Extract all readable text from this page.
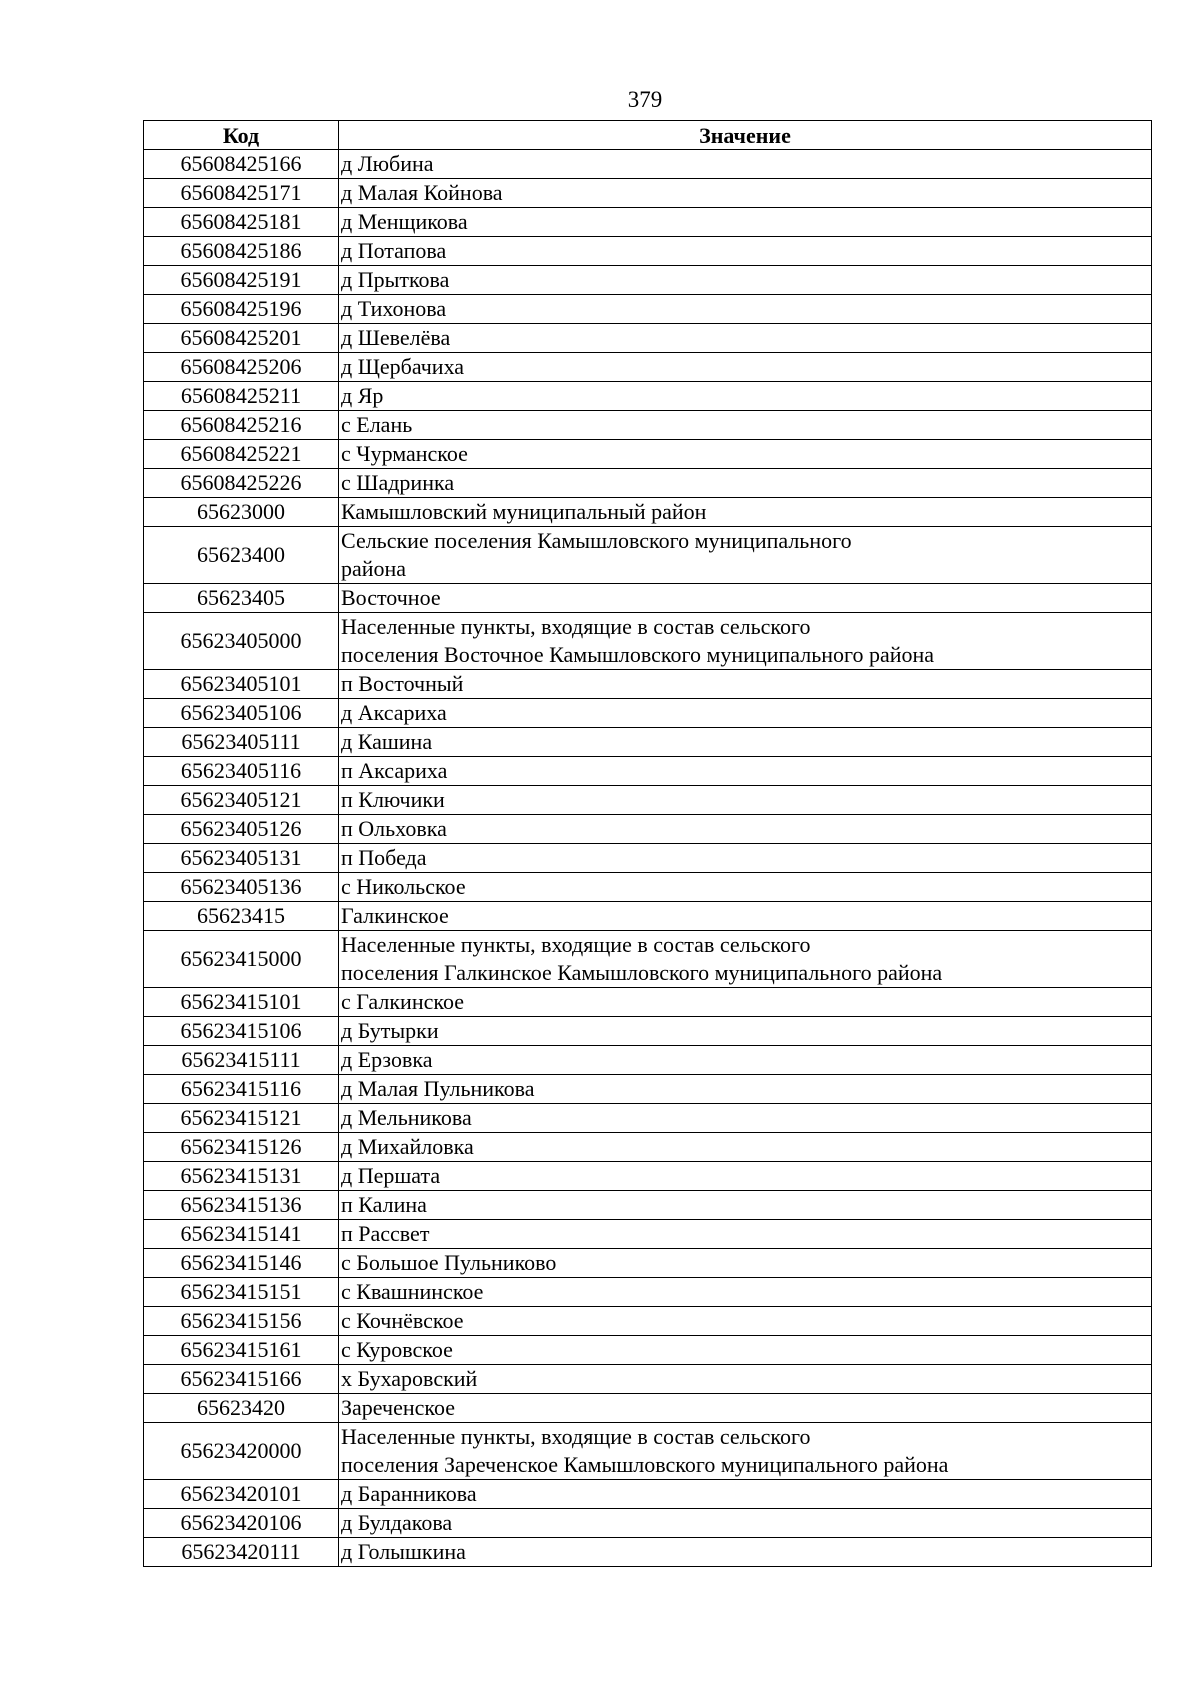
379
Код	Значение
65608425166	д Любина
65608425171	д Малая Койнова
65608425181	д Менщикова
65608425186	д Потапова
65608425191	д Прыткова
65608425196	д Тихонова
65608425201	д Шевелёва
65608425206	д Щербачиха
65608425211	д Яр
65608425216	с Елань
65608425221	с Чурманское
65608425226	с Шадринка
65623000	Камышловский муниципальный район
65623400	Сельские поселения Камышловского муниципального
района
65623405	Восточное
65623405000	Населенные пункты, входящие в состав сельского
поселения Восточное Камышловского муниципального района
65623405101	п Восточный
65623405106	д Аксариха
65623405111	д Кашина
65623405116	п Аксариха
65623405121	п Ключики
65623405126	п Ольховка
65623405131	п Победа
65623405136	с Никольское
65623415	Галкинское
65623415000	Населенные пункты, входящие в состав сельского
поселения Галкинское Камышловского муниципального района
65623415101	с Галкинское
65623415106	д Бутырки
65623415111	д Ерзовка
65623415116	д Малая Пульникова
65623415121	д Мельникова
65623415126	д Михайловка
65623415131	д Першата
65623415136	п Калина
65623415141	п Рассвет
65623415146	с Большое Пульниково
65623415151	с Квашнинское
65623415156	с Кочнёвское
65623415161	с Куровское
65623415166	х Бухаровский
65623420	Зареченское
65623420000	Населенные пункты, входящие в состав сельского
поселения Зареченское Камышловского муниципального района
65623420101	д Баранникова
65623420106	д Булдакова
65623420111	д Голышкина
